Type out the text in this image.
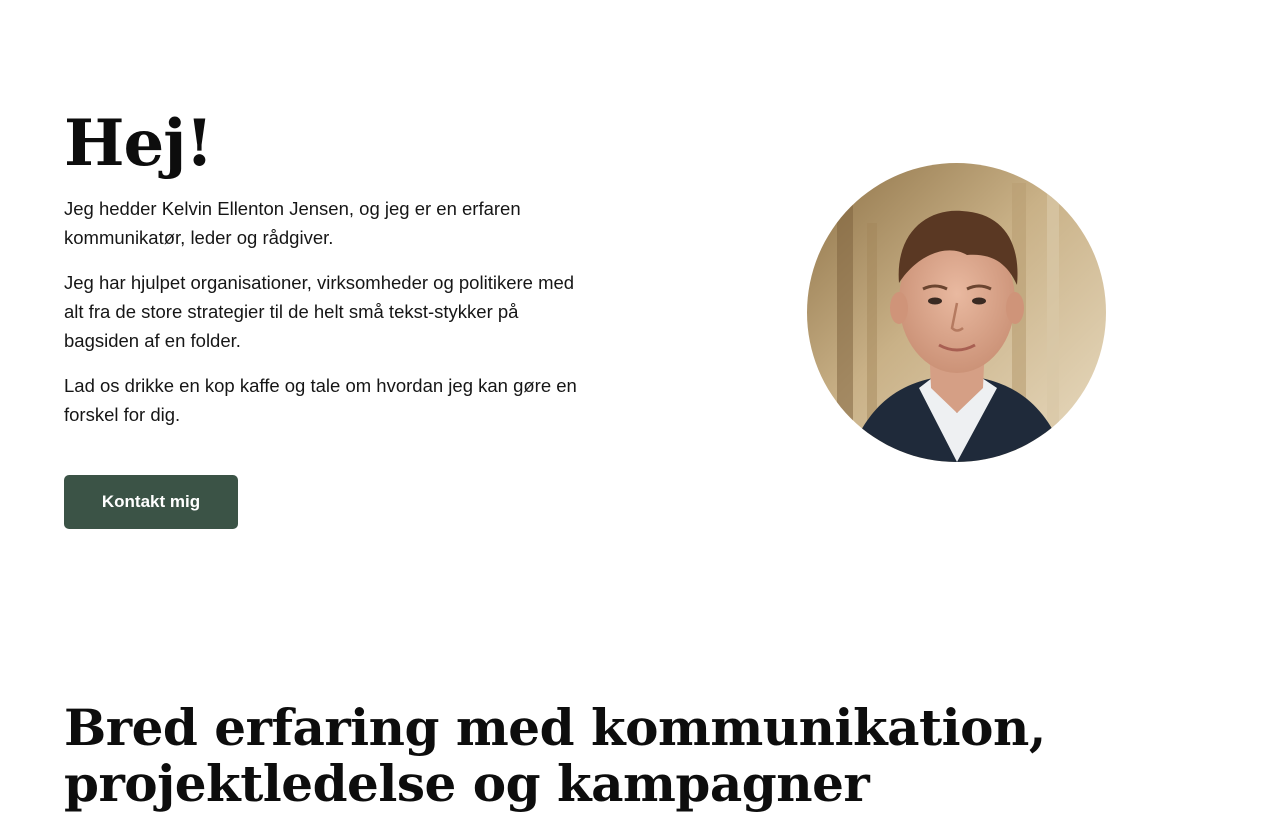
Hej!

Jeg hedder Kelvin Ellenton Jensen, og jeg er en erfaren kommunikatør, leder og rådgiver.

Jeg har hjulpet organisationer, virksomheder og politikere med alt fra de store strategier til de helt små tekst-stykker på bagsiden af en folder.

Lad os drikke en kop kaffe og tale om hvordan jeg kan gøre en forskel for dig.

Kontakt mig
Bred erfaring med kommunikation, projektledelse og kampagner
